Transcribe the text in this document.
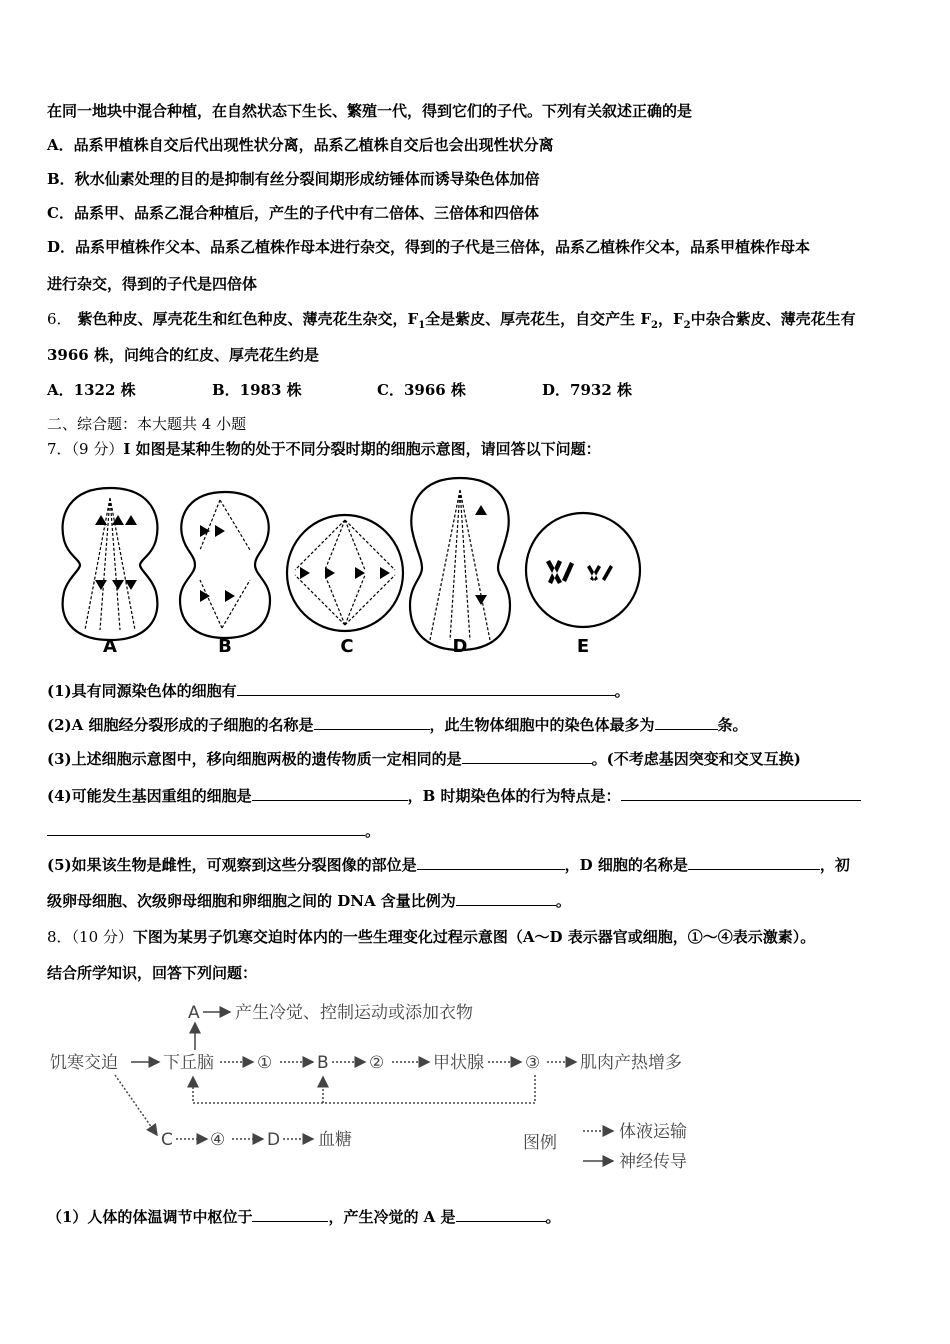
在同一地块中混合种植，在自然状态下生长、繁殖一代，得到它们的子代。下列有关叙述正确的是
A．品系甲植株自交后代出现性状分离，品系乙植株自交后也会出现性状分离
B．秋水仙素处理的目的是抑制有丝分裂间期形成纺锤体而诱导染色体加倍
C．品系甲、品系乙混合种植后，产生的子代中有二倍体、三倍体和四倍体
D．品系甲植株作父本、品系乙植株作母本进行杂交，得到的子代是三倍体，品系乙植株作父本，品系甲植株作母本
进行杂交，得到的子代是四倍体
6． 紫色种皮、厚壳花生和红色种皮、薄壳花生杂交，$F_1$全是紫皮、厚壳花生，自交产生 $F_2$，$F_2$中杂合紫皮、薄壳花生有
3966 株，问纯合的红皮、厚壳花生约是
A．1322 株	B．1983 株	C．3966 株	D．7932 株
二、综合题：本大题共 4 小题
7．（9 分）I 如图是某种生物的处于不同分裂时期的细胞示意图，请回答以下问题：
A	B	C	D	E
(1)具有同源染色体的细胞有	。
(2)A 细胞经分裂形成的子细胞的名称是	，此生物体细胞中的染色体最多为	条。
(3)上述细胞示意图中，移向细胞两极的遗传物质一定相同的是	。(不考虑基因突变和交叉互换)
(4)可能发生基因重组的细胞是	，B 时期染色体的行为特点是：
。
(5)如果该生物是雌性，可观察到这些分裂图像的部位是	，D 细胞的名称是	，初
级卵母细胞、次级卵母细胞和卵细胞之间的 DNA 含量比例为	。
8．（10 分）下图为某男子饥寒交迫时体内的一些生理变化过程示意图（A～D 表示器官或细胞，①～④表示激素）。
结合所学知识，回答下列问题：
饥寒交迫	下丘脑
A 产生冷觉、控制运动或添加衣物
①	B ②	甲状腺 ③ 肌肉产热增多
C ④ D 血糖	图例
体液运输
神经传导
（1）人体的体温调节中枢位于	，产生冷觉的 A 是	。
